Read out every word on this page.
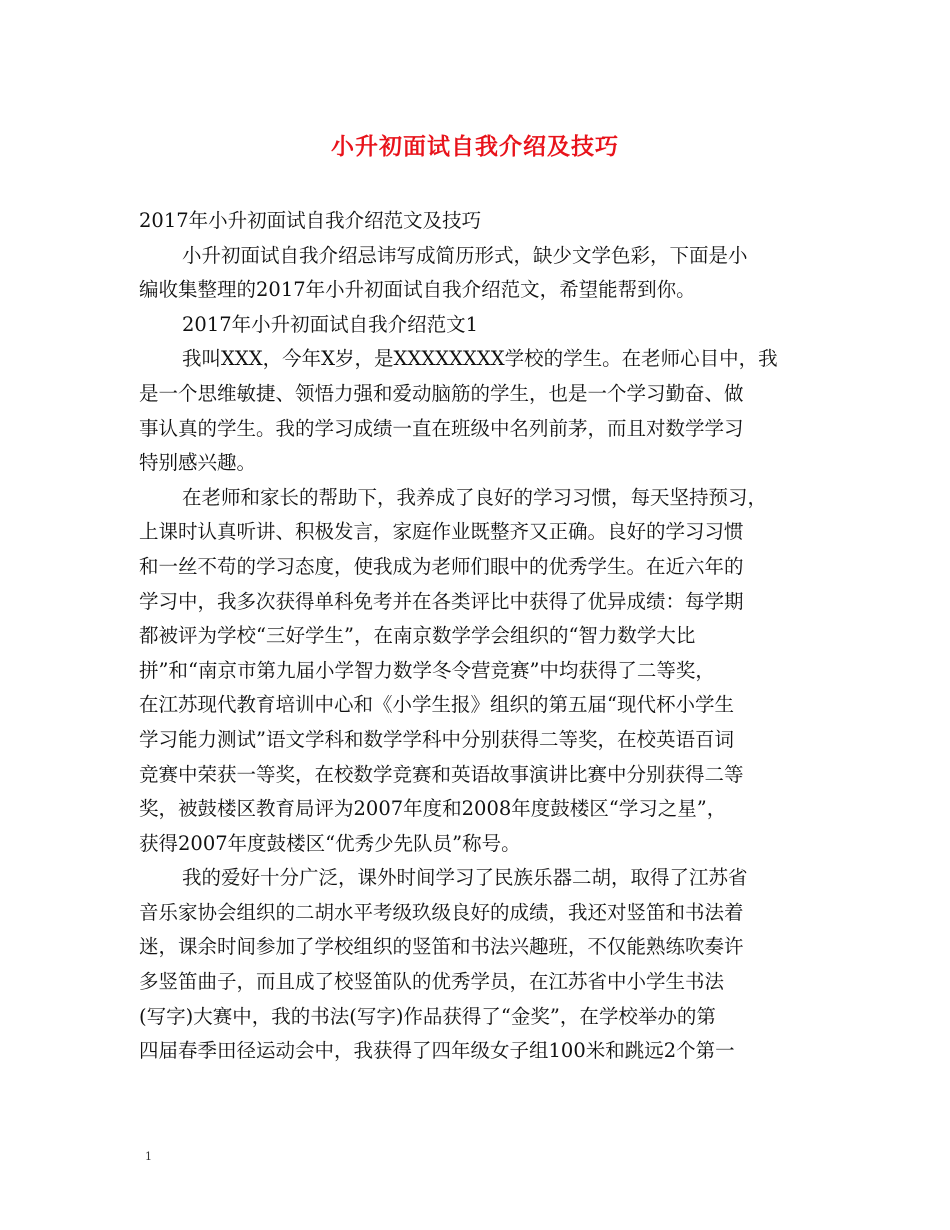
小升初面试自我介绍及技巧
2017年小升初面试自我介绍范文及技巧
小升初面试自我介绍忌讳写成简历形式，缺少文学色彩，下面是小
编收集整理的2017年小升初面试自我介绍范文，希望能帮到你。
2017年小升初面试自我介绍范文1
我叫XXX，今年X岁，是XXXXXXXX学校的学生。在老师心目中，我
是一个思维敏捷、领悟力强和爱动脑筋的学生，也是一个学习勤奋、做
事认真的学生。我的学习成绩一直在班级中名列前茅，而且对数学学习
特别感兴趣。
在老师和家长的帮助下，我养成了良好的学习习惯，每天坚持预习，
上课时认真听讲、积极发言，家庭作业既整齐又正确。良好的学习习惯
和一丝不苟的学习态度，使我成为老师们眼中的优秀学生。在近六年的
学习中，我多次获得单科免考并在各类评比中获得了优异成绩：每学期
都被评为学校“三好学生”，在南京数学学会组织的“智力数学大比
拼”和“南京市第九届小学智力数学冬令营竞赛”中均获得了二等奖，
在江苏现代教育培训中心和《小学生报》组织的第五届“现代杯小学生
学习能力测试”语文学科和数学学科中分别获得二等奖，在校英语百词
竞赛中荣获一等奖，在校数学竞赛和英语故事演讲比赛中分别获得二等
奖，被鼓楼区教育局评为2007年度和2008年度鼓楼区“学习之星”，
获得2007年度鼓楼区“优秀少先队员”称号。
我的爱好十分广泛，课外时间学习了民族乐器二胡，取得了江苏省
音乐家协会组织的二胡水平考级玖级良好的成绩，我还对竖笛和书法着
迷，课余时间参加了学校组织的竖笛和书法兴趣班，不仅能熟练吹奏许
多竖笛曲子，而且成了校竖笛队的优秀学员，在江苏省中小学生书法
(写字)大赛中，我的书法(写字)作品获得了“金奖”，在学校举办的第
四届春季田径运动会中，我获得了四年级女子组100米和跳远2个第一
1
